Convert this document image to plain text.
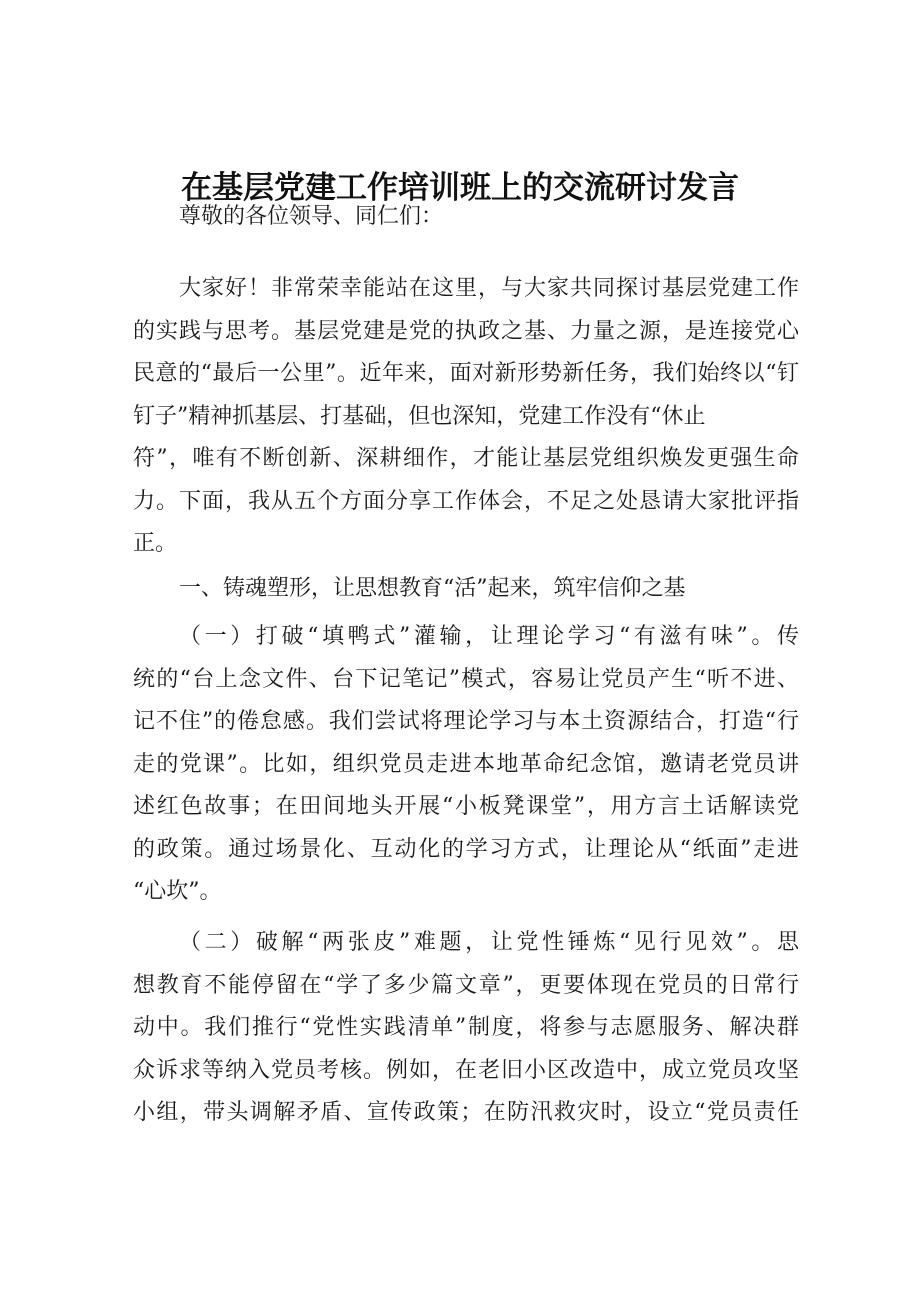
在基层党建工作培训班上的交流研讨发言

尊敬的各位领导、同仁们：

大家好！非常荣幸能站在这里，与大家共同探讨基层党建工作
的实践与思考。基层党建是党的执政之基、力量之源，是连接党心
民意的“最后一公里”。近年来，面对新形势新任务，我们始终以“钉
钉子”精神抓基层、打基础，但也深知，党建工作没有“休止
符”，唯有不断创新、深耕细作，才能让基层党组织焕发更强生命
力。下面，我从五个方面分享工作体会，不足之处恳请大家批评指
正。

一、铸魂塑形，让思想教育“活”起来，筑牢信仰之基

（一）打破“填鸭式”灌输，让理论学习“有滋有味”。传
统的“台上念文件、台下记笔记”模式，容易让党员产生“听不进、
记不住”的倦怠感。我们尝试将理论学习与本土资源结合，打造“行
走的党课”。比如，组织党员走进本地革命纪念馆，邀请老党员讲
述红色故事；在田间地头开展“小板凳课堂”，用方言土话解读党
的政策。通过场景化、互动化的学习方式，让理论从“纸面”走进
“心坎”。

（二）破解“两张皮”难题，让党性锤炼“见行见效”。思
想教育不能停留在“学了多少篇文章”，更要体现在党员的日常行
动中。我们推行“党性实践清单”制度，将参与志愿服务、解决群
众诉求等纳入党员考核。例如，在老旧小区改造中，成立党员攻坚
小组，带头调解矛盾、宣传政策；在防汛救灾时，设立“党员责任
